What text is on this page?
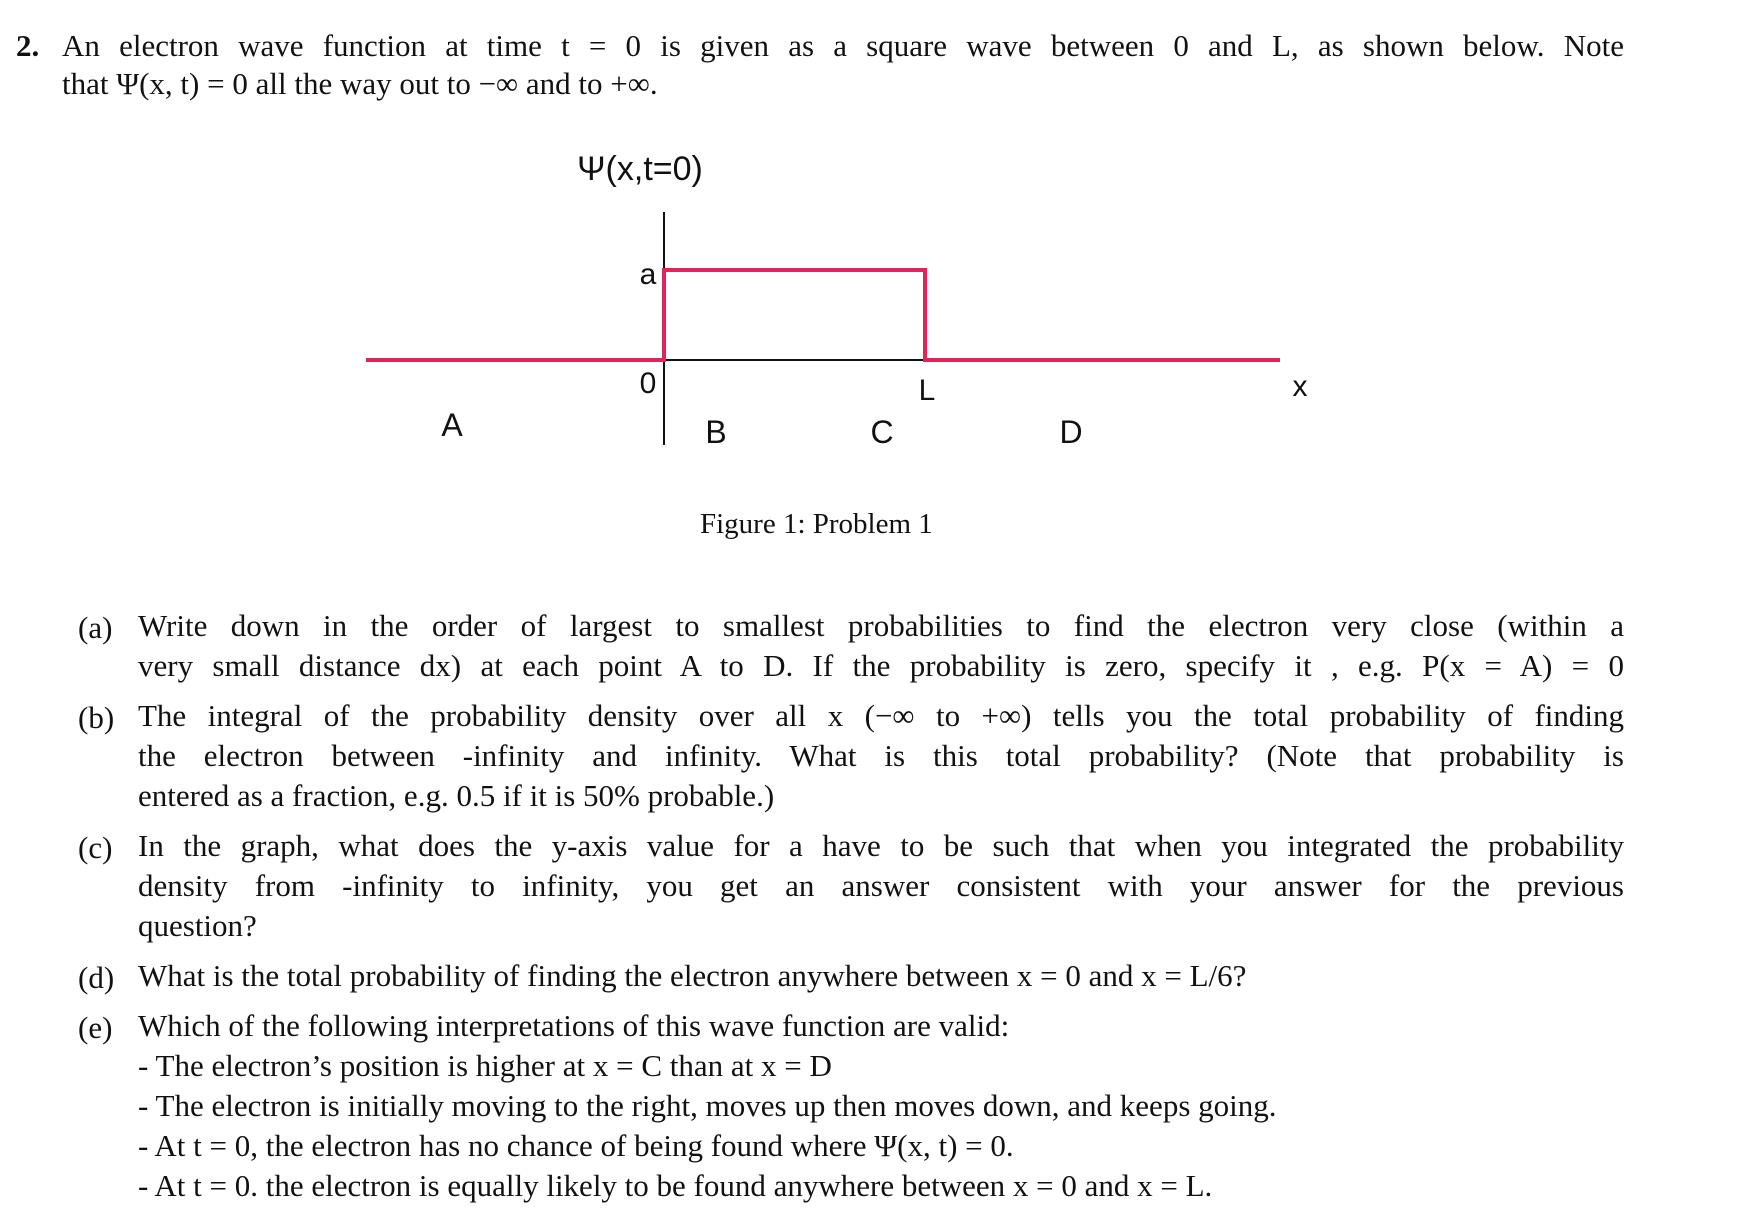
2. An electron wave function at time t = 0 is given as a square wave between 0 and L, as shown below. Note
that Ψ(x, t) = 0 all the way out to −∞ and to +∞.
Ψ(x,t=0)
a
0	L	x
A	B	C	D
Figure 1: Problem 1
(a) Write down in the order of largest to smallest probabilities to find the electron very close (within a
very small distance dx) at each point A to D. If the probability is zero, specify it , e.g. P(x = A) = 0
(b) The integral of the probability density over all x (−∞ to +∞) tells you the total probability of finding
the electron between -infinity and infinity. What is this total probability? (Note that probability is
entered as a fraction, e.g. 0.5 if it is 50% probable.)
(c) In the graph, what does the y-axis value for a have to be such that when you integrated the probability
density from -infinity to infinity, you get an answer consistent with your answer for the previous
question?
(d) What is the total probability of finding the electron anywhere between x = 0 and x = L/6?
(e) Which of the following interpretations of this wave function are valid:
- The electron’s position is higher at x = C than at x = D
- The electron is initially moving to the right, moves up then moves down, and keeps going.
- At t = 0, the electron has no chance of being found where Ψ(x, t) = 0.
- At t = 0. the electron is equally likely to be found anywhere between x = 0 and x = L.
